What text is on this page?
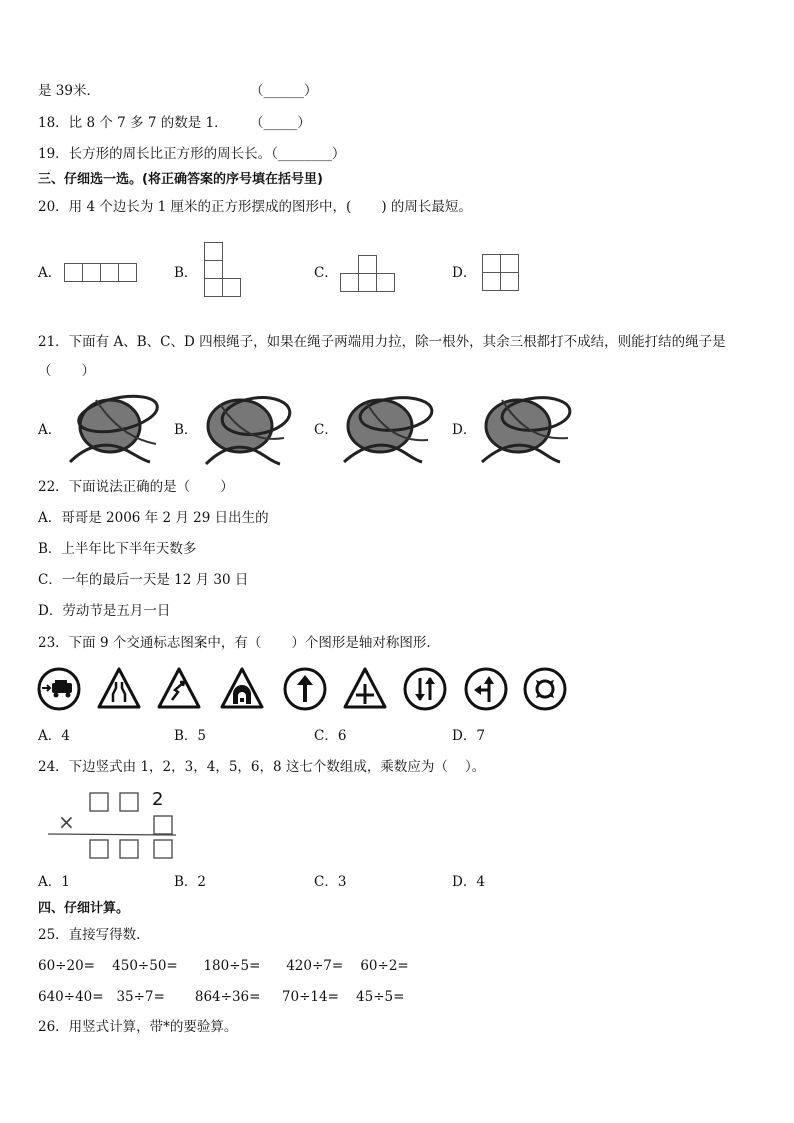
是 39米．	（______）
18．比 8 个 7 多 7 的数是 1． （_____）
19．长方形的周长比正方形的周长长。（________）
三、仔细选一选。(将正确答案的序号填在括号里)
20．用 4 个边长为 1 厘米的正方形摆成的图形中，(       ) 的周长最短。
A．	B．	C．	D．
21．下面有 A、B、C、D 四根绳子，如果在绳子两端用力拉，除一根外，其余三根都打不成结，则能打结的绳子是
（       ）
A．	B．	C．	D．
22．下面说法正确的是（       ）
A．哥哥是 2006 年 2 月 29 日出生的
B．上半年比下半年天数多
C．一年的最后一天是 12 月 30 日
D．劳动节是五月一日
23．下面 9 个交通标志图案中，有（       ）个图形是轴对称图形.
A．4	B．5	C．6	D．7
24．下边竖式由 1，2，3，4，5，6，8 这七个数组成，乘数应为（    ）。
2
×
A．1	B．2	C．3	D．4
四、仔细计算。
25．直接写得数.
60÷20=    450÷50=      180÷5=      420÷7=    60÷2=
640÷40=   35÷7=       864÷36=     70÷14=    45÷5=
26．用竖式计算，带*的要验算。
